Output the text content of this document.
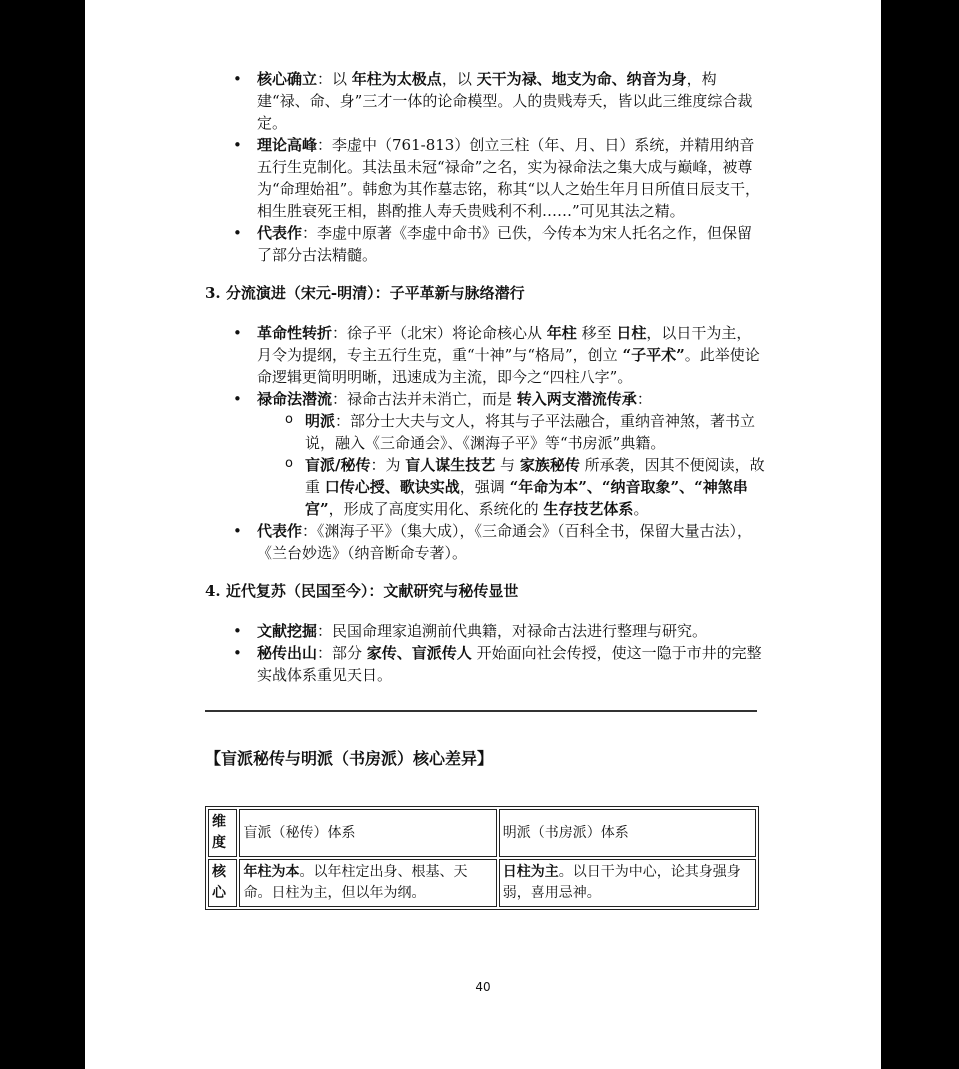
• 核心确立：以 年柱为太极点，以 天干为禄、地支为命、纳音为身，构建“禄、命、身”三才一体的论命模型。人的贵贱寿夭，皆以此三维度综合裁定。
• 理论高峰：李虚中（761-813）创立三柱（年、月、日）系统，并精用纳音五行生克制化。其法虽未冠“禄命”之名，实为禄命法之集大成与巅峰，被尊为“命理始祖”。韩愈为其作墓志铭，称其“以人之始生年月日所值日辰支干，相生胜衰死王相，斟酌推人寿夭贵贱利不利……”可见其法之精。
• 代表作：李虚中原著《李虚中命书》已佚，今传本为宋人托名之作，但保留了部分古法精髓。
3. 分流演进（宋元-明清）：子平革新与脉络潜行
• 革命性转折：徐子平（北宋）将论命核心从 年柱 移至 日柱，以日干为主，月令为提纲，专主五行生克，重“十神”与“格局”，创立 “子平术”。此举使论命逻辑更简明明晰，迅速成为主流，即今之“四柱八字”。
• 禄命法潜流：禄命古法并未消亡，而是 转入两支潜流传承：
o 明派：部分士大夫与文人，将其与子平法融合，重纳音神煞，著书立说，融入《三命通会》、《渊海子平》等“书房派”典籍。
o 盲派/秘传：为 盲人谋生技艺 与 家族秘传 所承袭，因其不便阅读，故重 口传心授、歌诀实战，强调 “年命为本”、“纳音取象”、“神煞串宫”，形成了高度实用化、系统化的 生存技艺体系。
• 代表作：《渊海子平》（集大成），《三命通会》（百科全书，保留大量古法），《兰台妙选》（纳音断命专著）。
4. 近代复苏（民国至今）：文献研究与秘传显世
• 文献挖掘：民国命理家追溯前代典籍，对禄命古法进行整理与研究。
• 秘传出山：部分 家传、盲派传人 开始面向社会传授，使这一隐于市井的完整实战体系重见天日。
【盲派秘传与明派（书房派）核心差异】
维度	盲派（秘传）体系	明派（书房派）体系
核心	年柱为本。以年柱定出身、根基、天命。日柱为主，但以年为纲。	日柱为主。以日干为中心，论其身强身弱，喜用忌神。
40
